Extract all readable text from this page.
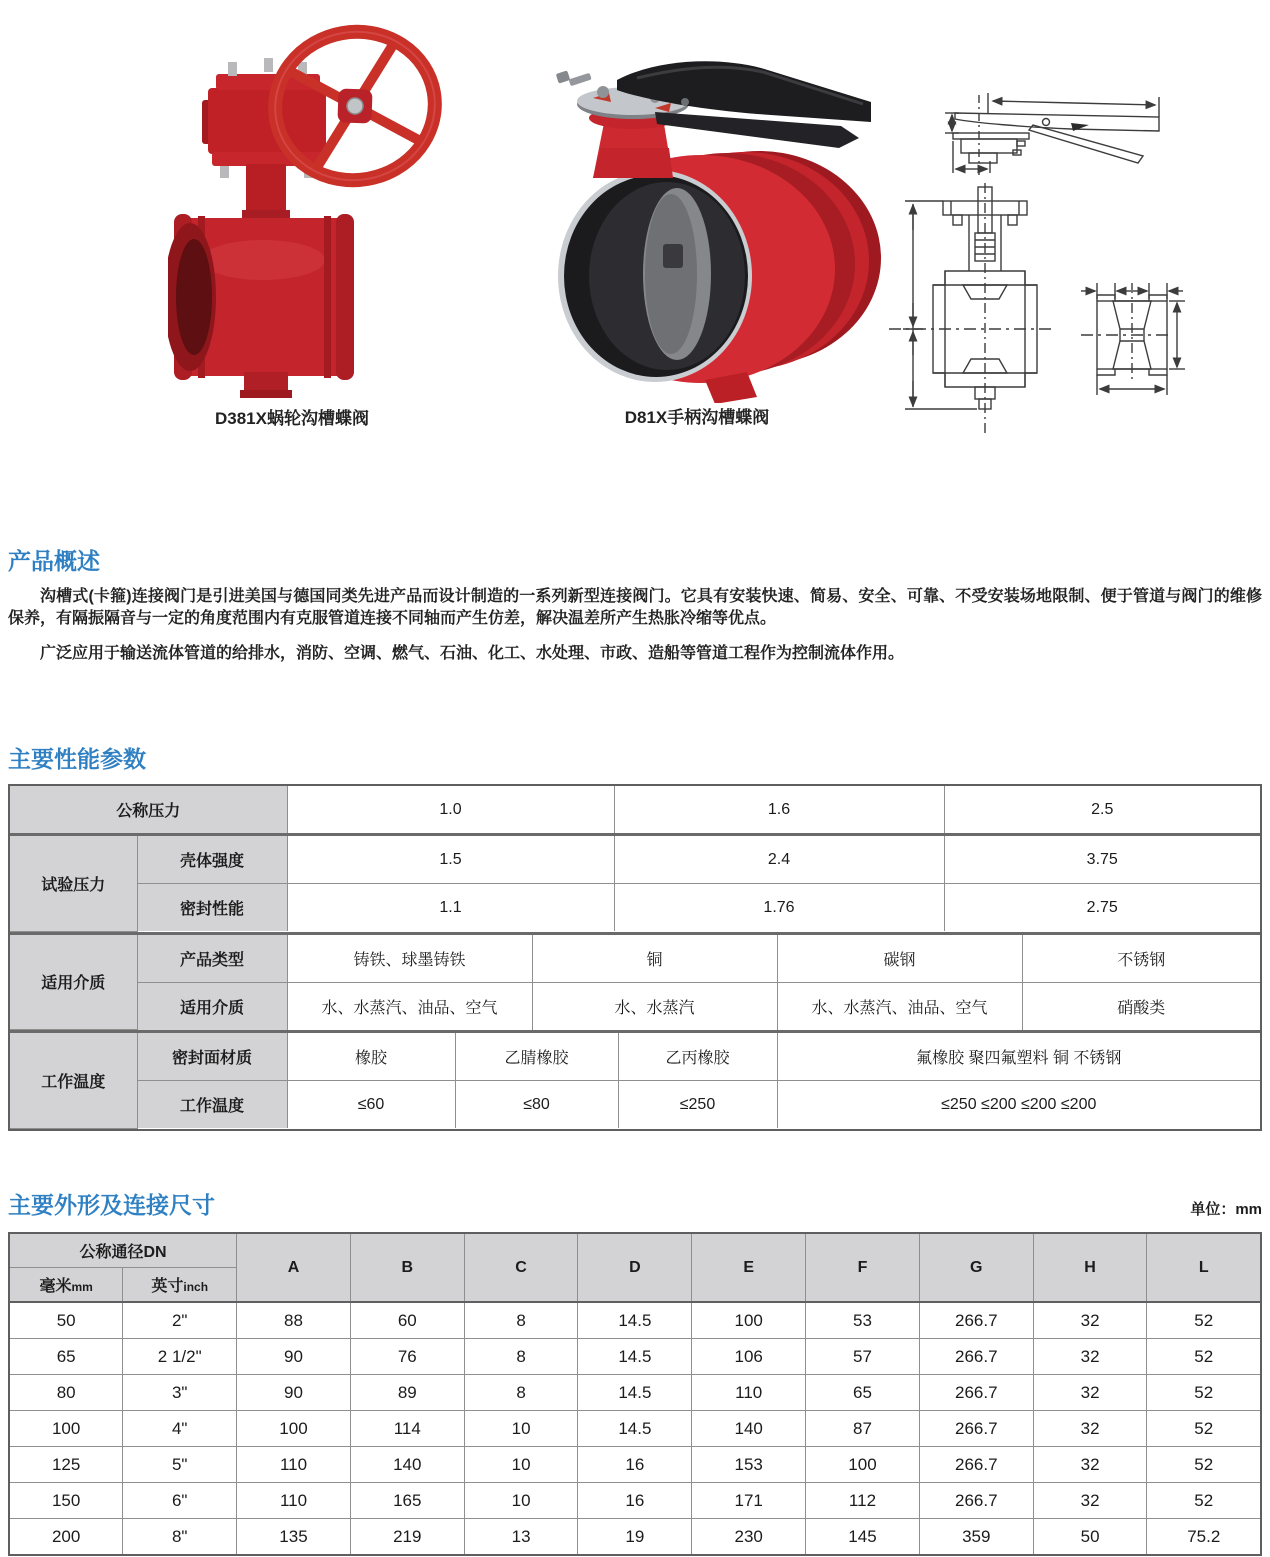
D381X蜗轮沟槽蝶阀	D81X手柄沟槽蝶阀
产品概述

沟槽式(卡箍)连接阀门是引进美国与德国同类先进产品而设计制造的一系列新型连接阀门。它具有安装快速、简易、安全、可靠、不受安装场地限制、便于管道与阀门的维修保养，有隔振隔音与一定的角度范围内有克服管道连接不同轴而产生仿差，解决温差所产生热胀冷缩等优点。

广泛应用于输送流体管道的给排水，消防、空调、燃气、石油、化工、水处理、市政、造船等管道工程作为控制流体作用。

主要性能参数
公称压力	1.0	1.6	2.5
试验压力	壳体强度	1.5	2.4	3.75
	密封性能	1.1	1.76	2.75
适用介质	产品类型	铸铁、球墨铸铁	铜	碳钢	不锈钢
	适用介质	水、水蒸汽、油品、空气	水、水蒸汽	水、水蒸汽、油品、空气	硝酸类
工作温度	密封面材质	橡胶	乙腈橡胶	乙丙橡胶	氟橡胶 聚四氟塑料 铜 不锈钢
	工作温度	≤60	≤80	≤250	≤250 ≤200 ≤200 ≤200
主要外形及连接尺寸	单位：mm
公称通径DN		A	B	C	D	E	F	G	H	L
毫米mm	英寸inch									
50	2"	88	60	8	14.5	100	53	266.7	32	52
65	2 1/2"	90	76	8	14.5	106	57	266.7	32	52
80	3"	90	89	8	14.5	110	65	266.7	32	52
100	4"	100	114	10	14.5	140	87	266.7	32	52
125	5"	110	140	10	16	153	100	266.7	32	52
150	6"	110	165	10	16	171	112	266.7	32	52
200	8"	135	219	13	19	230	145	359	50	75.2
